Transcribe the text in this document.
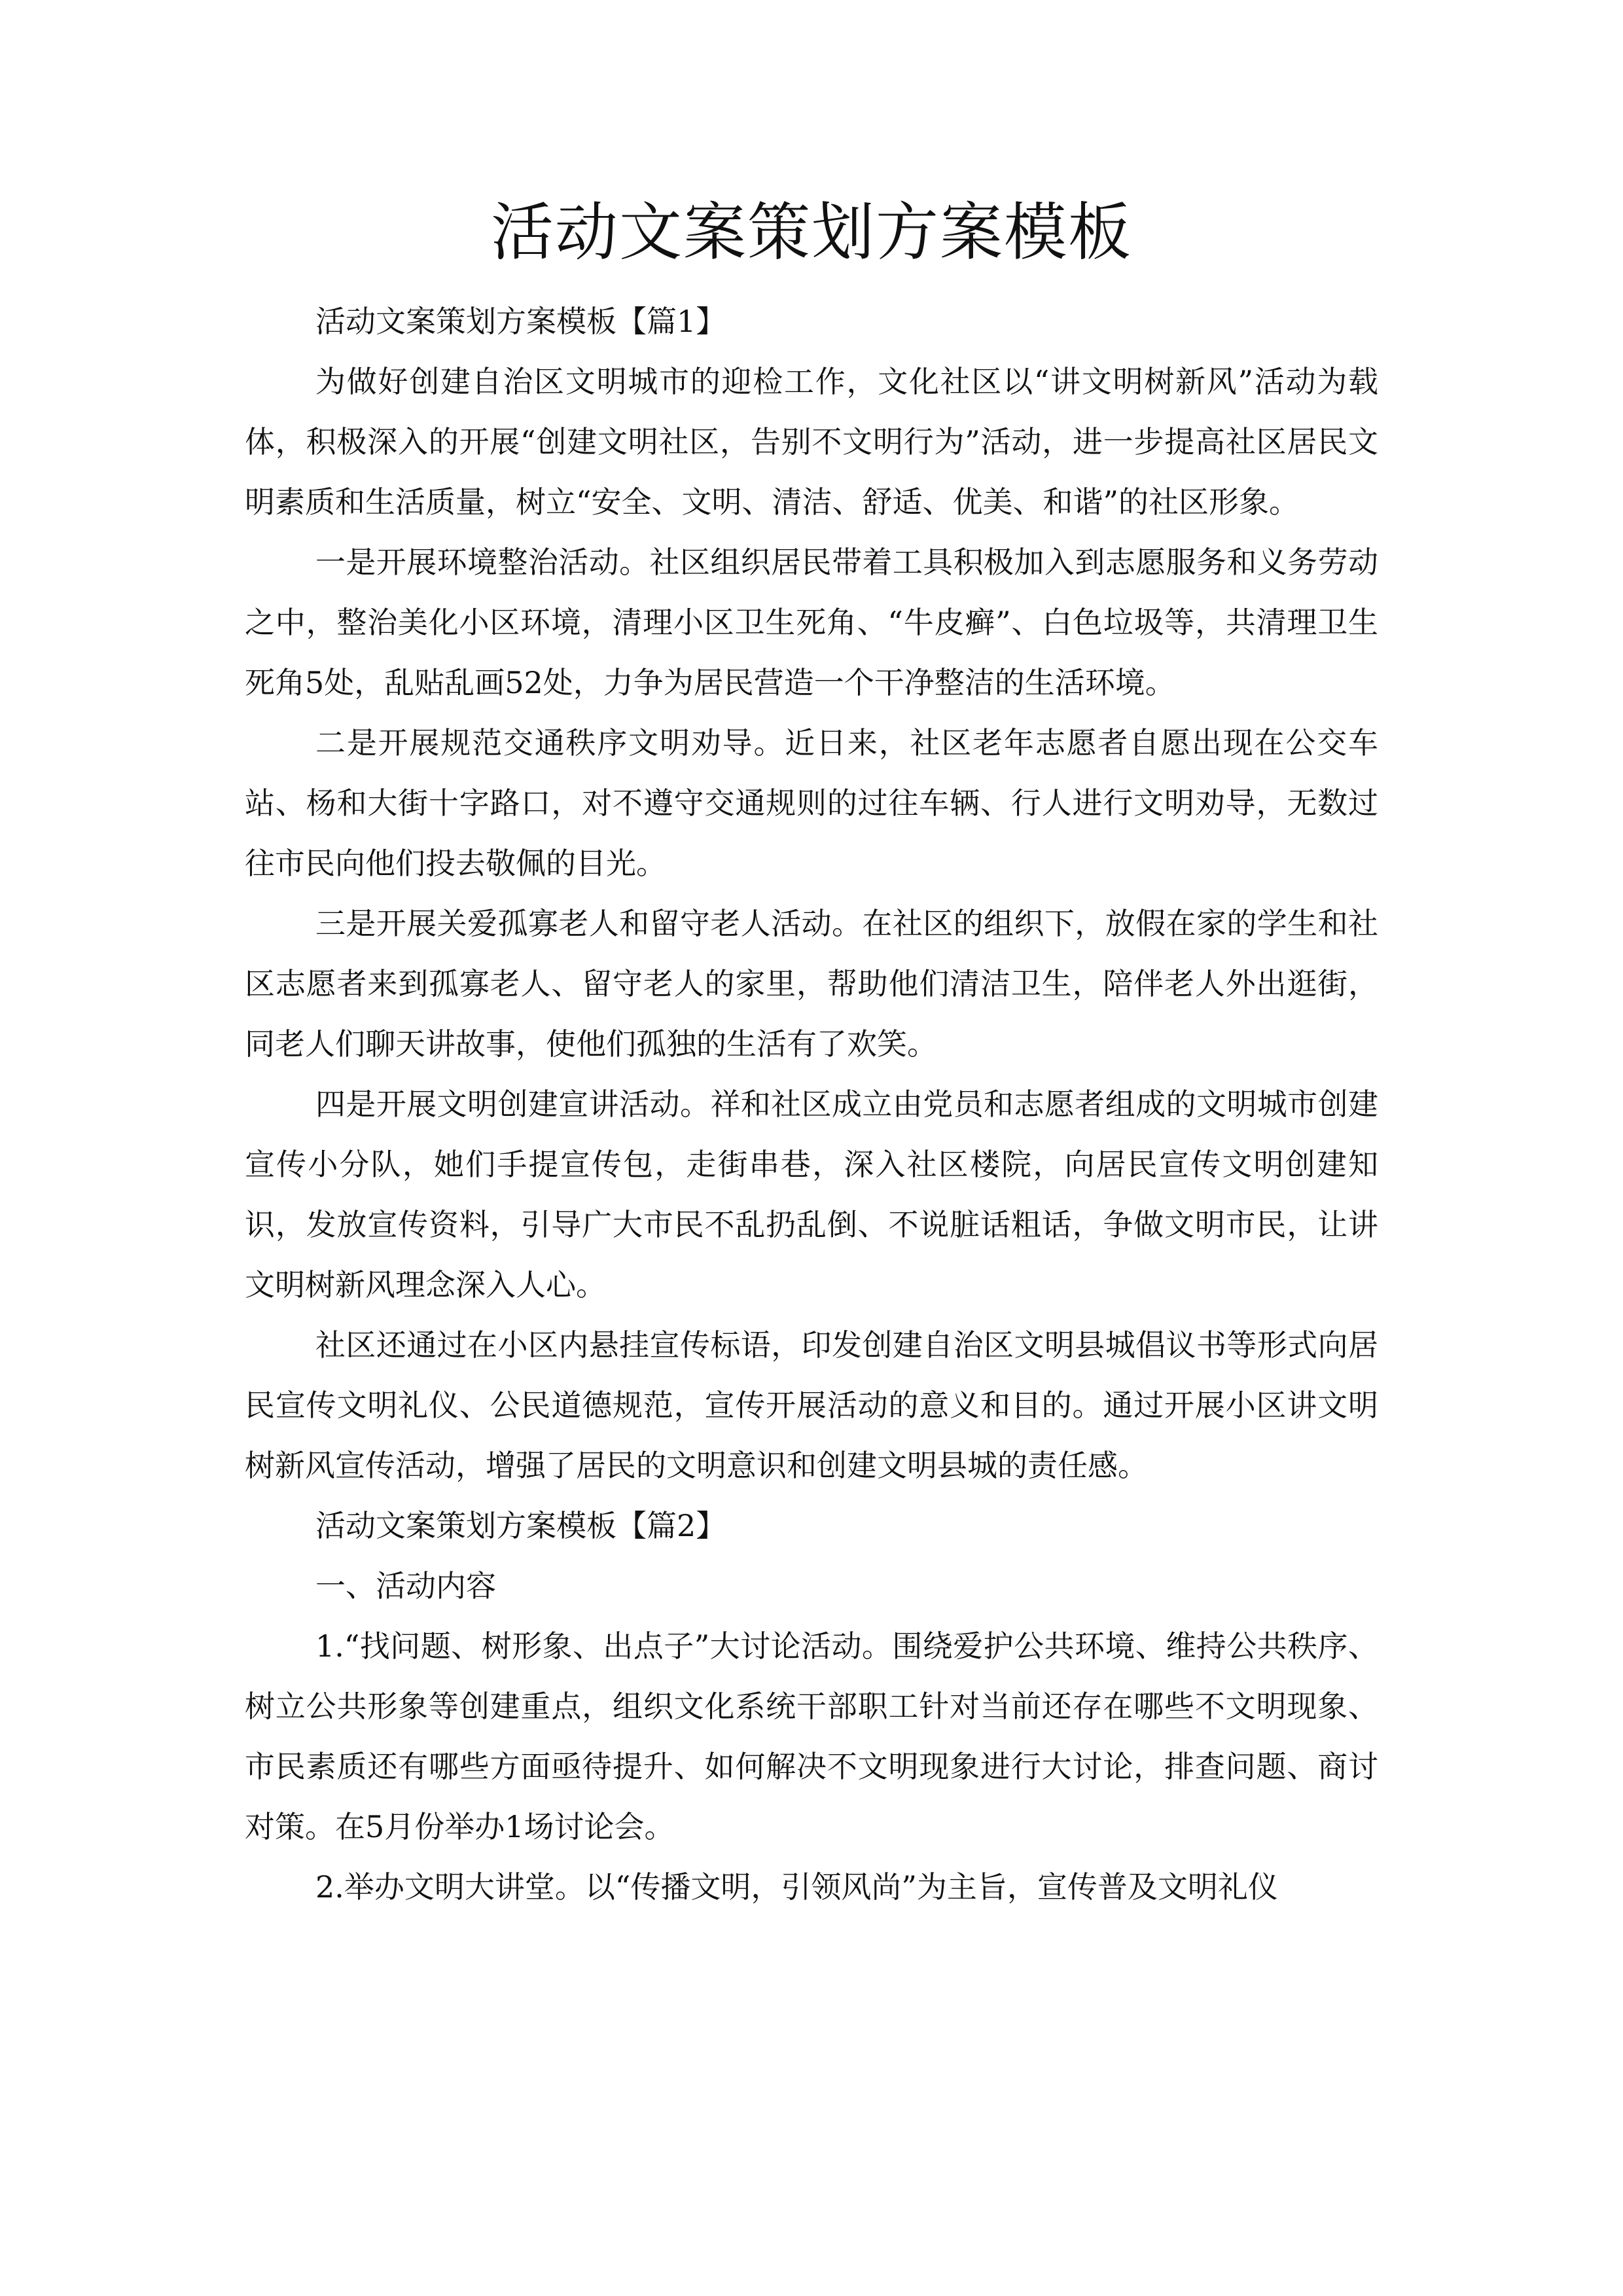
活动文案策划方案模板

活动文案策划方案模板【篇1】

为做好创建自治区文明城市的迎检工作，文化社区以“讲文明树新风”活动为载体，积极深入的开展“创建文明社区，告别不文明行为”活动，进一步提高社区居民文明素质和生活质量，树立“安全、文明、清洁、舒适、优美、和谐”的社区形象。

一是开展环境整治活动。社区组织居民带着工具积极加入到志愿服务和义务劳动之中，整治美化小区环境，清理小区卫生死角、“牛皮癣”、白色垃圾等，共清理卫生死角5处，乱贴乱画52处，力争为居民营造一个干净整洁的生活环境。

二是开展规范交通秩序文明劝导。近日来，社区老年志愿者自愿出现在公交车站、杨和大街十字路口，对不遵守交通规则的过往车辆、行人进行文明劝导，无数过往市民向他们投去敬佩的目光。

三是开展关爱孤寡老人和留守老人活动。在社区的组织下，放假在家的学生和社区志愿者来到孤寡老人、留守老人的家里，帮助他们清洁卫生，陪伴老人外出逛街，同老人们聊天讲故事，使他们孤独的生活有了欢笑。

四是开展文明创建宣讲活动。祥和社区成立由党员和志愿者组成的文明城市创建宣传小分队，她们手提宣传包，走街串巷，深入社区楼院，向居民宣传文明创建知识，发放宣传资料，引导广大市民不乱扔乱倒、不说脏话粗话，争做文明市民，让讲文明树新风理念深入人心。

社区还通过在小区内悬挂宣传标语，印发创建自治区文明县城倡议书等形式向居民宣传文明礼仪、公民道德规范，宣传开展活动的意义和目的。通过开展小区讲文明树新风宣传活动，增强了居民的文明意识和创建文明县城的责任感。

活动文案策划方案模板【篇2】

一、活动内容

1.“找问题、树形象、出点子”大讨论活动。围绕爱护公共环境、维持公共秩序、树立公共形象等创建重点，组织文化系统干部职工针对当前还存在哪些不文明现象、市民素质还有哪些方面亟待提升、如何解决不文明现象进行大讨论，排查问题、商讨对策。在5月份举办1场讨论会。

2.举办文明大讲堂。以“传播文明，引领风尚”为主旨，宣传普及文明礼仪
